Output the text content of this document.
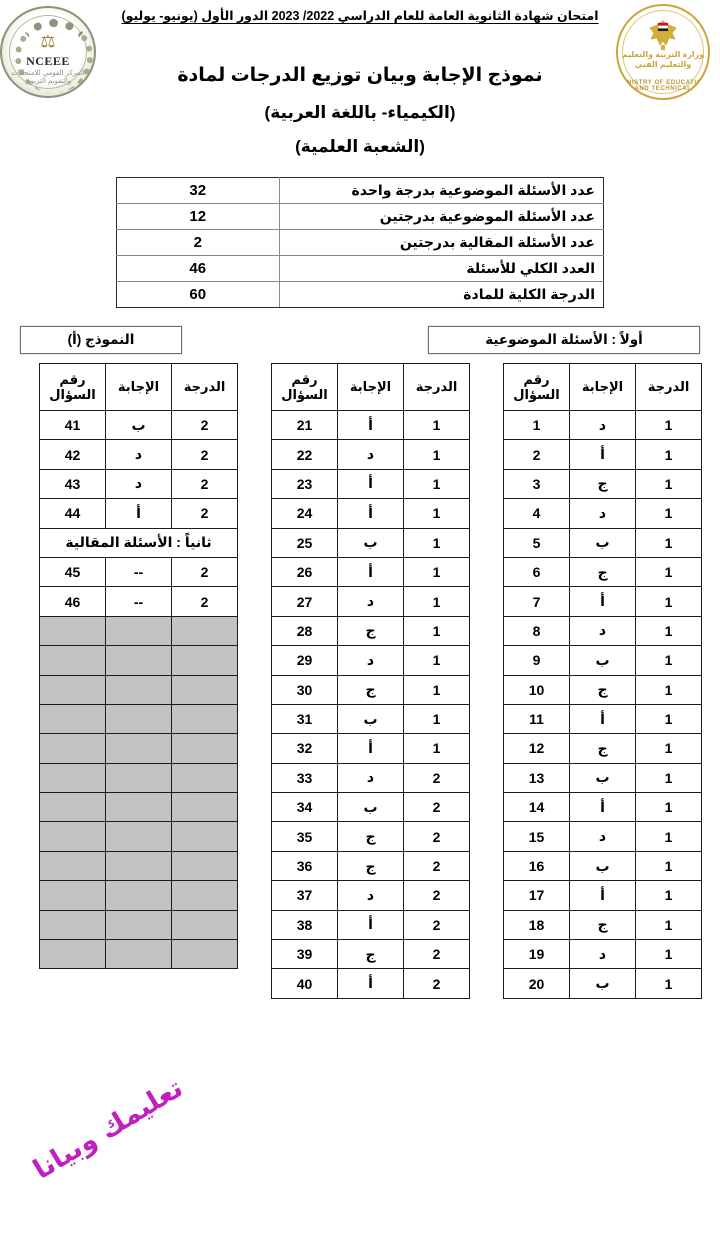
⚖
NCEEE
المركز القومي للامتحانات والتقويم التربوي
وزارة التربية والتعليم
والتعليم الفني
MINISTRY OF EDUCATION AND TECHNICAL
امتحان شهادة الثانوية العامة للعام الدراسي 2022/ 2023 الدور الأول (يونيو- يوليو)
نموذج الإجابة وبيان توزيع الدرجات لمادة
(الكيمياء- باللغة العربية)
(الشعبة العلمية)
عدد الأسئلة الموضوعية بدرجة واحدة	32
عدد الأسئلة الموضوعية بدرجتين	12
عدد الأسئلة المقالية بدرجتين	2
العدد الكلي للأسئلة	46
الدرجة الكلية للمادة	60
أولاً : الأسئلة الموضوعية
النموذج (أ)
الدرجة	الإجابة	رقم السؤال
1	د	1
1	أ	2
1	ج	3
1	د	4
1	ب	5
1	ج	6
1	أ	7
1	د	8
1	ب	9
1	ج	10
1	أ	11
1	ج	12
1	ب	13
1	أ	14
1	د	15
1	ب	16
1	أ	17
1	ج	18
1	د	19
1	ب	20
الدرجة	الإجابة	رقم السؤال
1	أ	21
1	د	22
1	أ	23
1	أ	24
1	ب	25
1	أ	26
1	د	27
1	ج	28
1	د	29
1	ج	30
1	ب	31
1	أ	32
2	د	33
2	ب	34
2	ج	35
2	ج	36
2	د	37
2	أ	38
2	ج	39
2	أ	40
الدرجة	الإجابة	رقم السؤال
2	ب	41
2	د	42
2	د	43
2	أ	44
ثانياً : الأسئلة المقالية		
2	--	45
2	--	46

تعليمك وبيانا
